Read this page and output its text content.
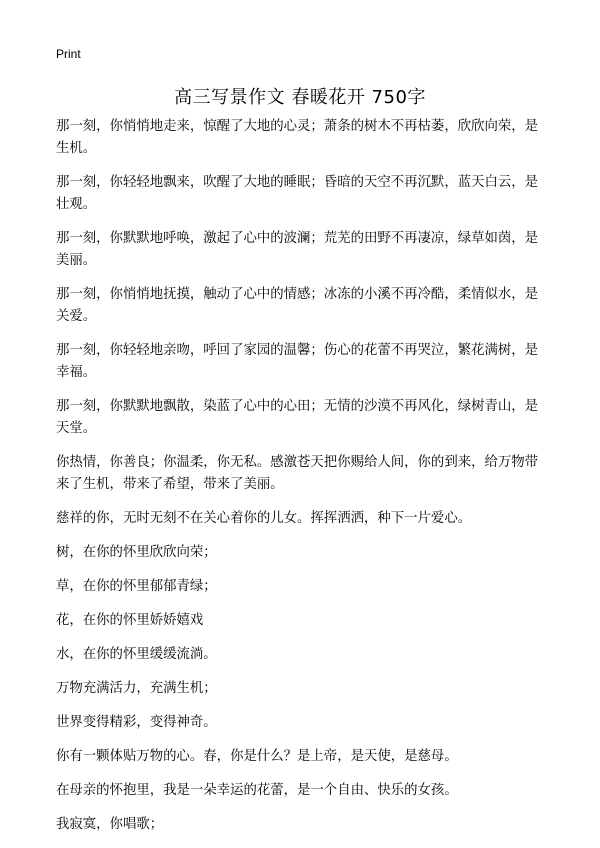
Print
高三写景作文 春暖花开 750字

那一刻，你悄悄地走来，惊醒了大地的心灵；萧条的树木不再枯萎，欣欣向荣，是生机。

那一刻，你轻轻地飘来，吹醒了大地的睡眠；昏暗的天空不再沉默，蓝天白云，是壮观。

那一刻，你默默地呼唤，激起了心中的波澜；荒芜的田野不再凄凉，绿草如茵，是美丽。

那一刻，你悄悄地抚摸，触动了心中的情感；冰冻的小溪不再冷酷，柔情似水，是关爱。

那一刻，你轻轻地亲吻，呼回了家园的温馨；伤心的花蕾不再哭泣，繁花满树，是幸福。

那一刻，你默默地飘散，染蓝了心中的心田；无情的沙漠不再风化，绿树青山，是天堂。

你热情，你善良；你温柔，你无私。感激苍天把你赐给人间，你的到来，给万物带来了生机，带来了希望，带来了美丽。

慈祥的你，无时无刻不在关心着你的儿女。挥挥洒洒，种下一片爱心。

树，在你的怀里欣欣向荣；

草，在你的怀里郁郁青绿；

花，在你的怀里娇娇嬉戏

水，在你的怀里缓缓流淌。

万物充满活力，充满生机；

世界变得精彩，变得神奇。

你有一颗体贴万物的心。春，你是什么？是上帝，是天使，是慈母。

在母亲的怀抱里，我是一朵幸运的花蕾，是一个自由、快乐的女孩。

我寂寞，你唱歌；
